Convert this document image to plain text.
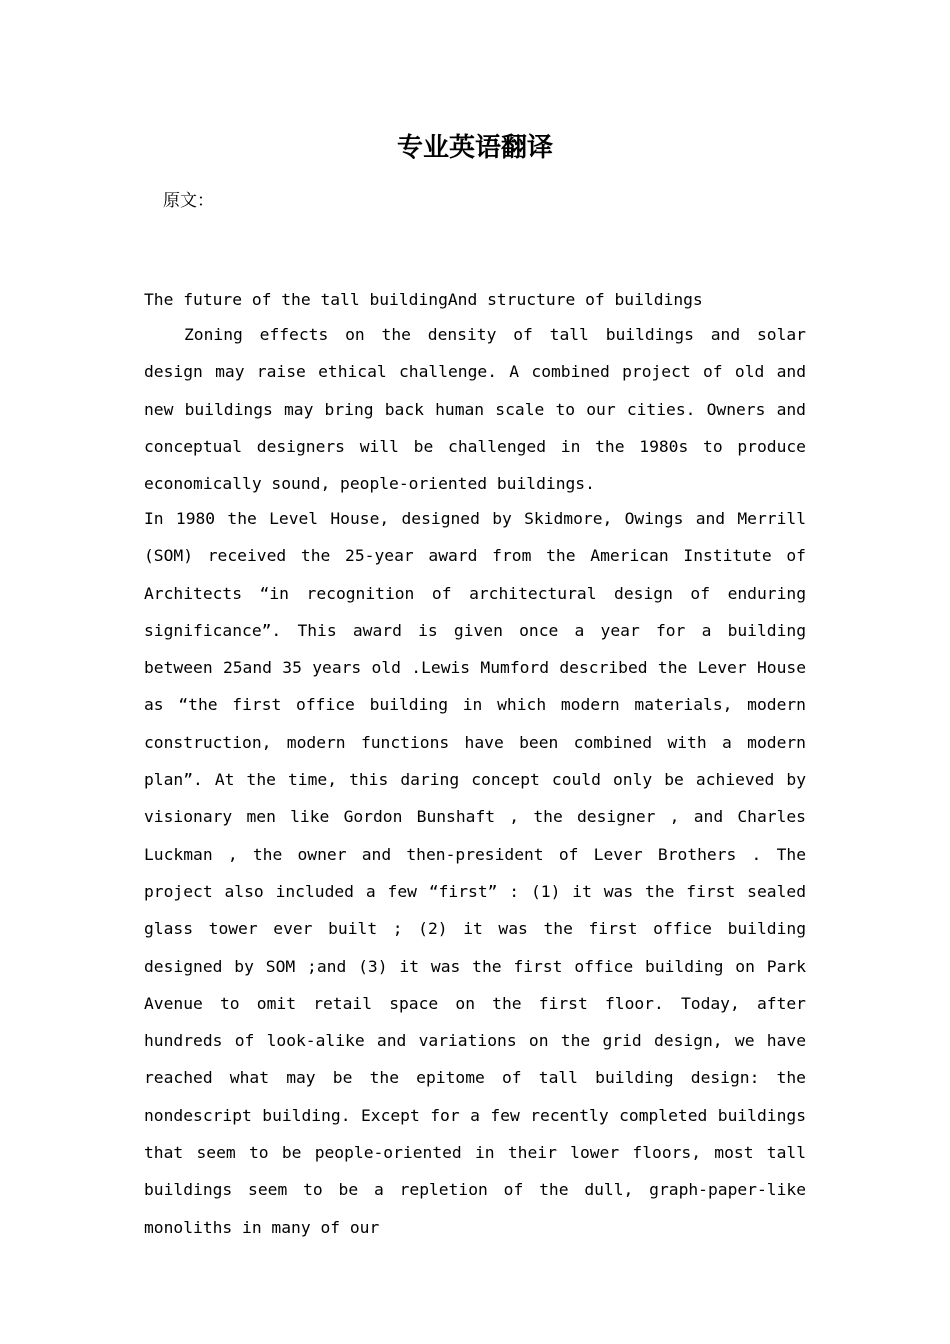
专业英语翻译

原文：

The future of the tall buildingAnd structure of buildings

Zoning effects on the density of tall buildings and solar design may raise ethical challenge. A combined project of old and new buildings may bring back human scale to our cities. Owners and conceptual designers will be challenged in the 1980s to produce economically sound, people-oriented buildings.

In 1980 the Level House, designed by Skidmore, Owings and Merrill (SOM) received the 25-year award from the American Institute of Architects “in recognition of architectural design of enduring significance”. This award is given once a year for a building between 25and 35 years old .Lewis Mumford described the Lever House as “the first office building in which modern materials, modern construction, modern functions have been combined with a modern plan”. At the time, this daring concept could only be achieved by visionary men like Gordon Bunshaft , the designer , and Charles Luckman , the owner and then-president of Lever Brothers . The project also included a few “first” : (1) it was the first sealed glass tower ever built ; (2) it was the first office building designed by SOM ;and (3) it was the first office building on Park Avenue to omit retail space on the first floor. Today, after hundreds of look-alike and variations on the grid design, we have reached what may be the epitome of tall building design: the nondescript building. Except for a few recently completed buildings that seem to be people-oriented in their lower floors, most tall buildings seem to be a repletion of the dull, graph-paper-like monoliths in many of our
